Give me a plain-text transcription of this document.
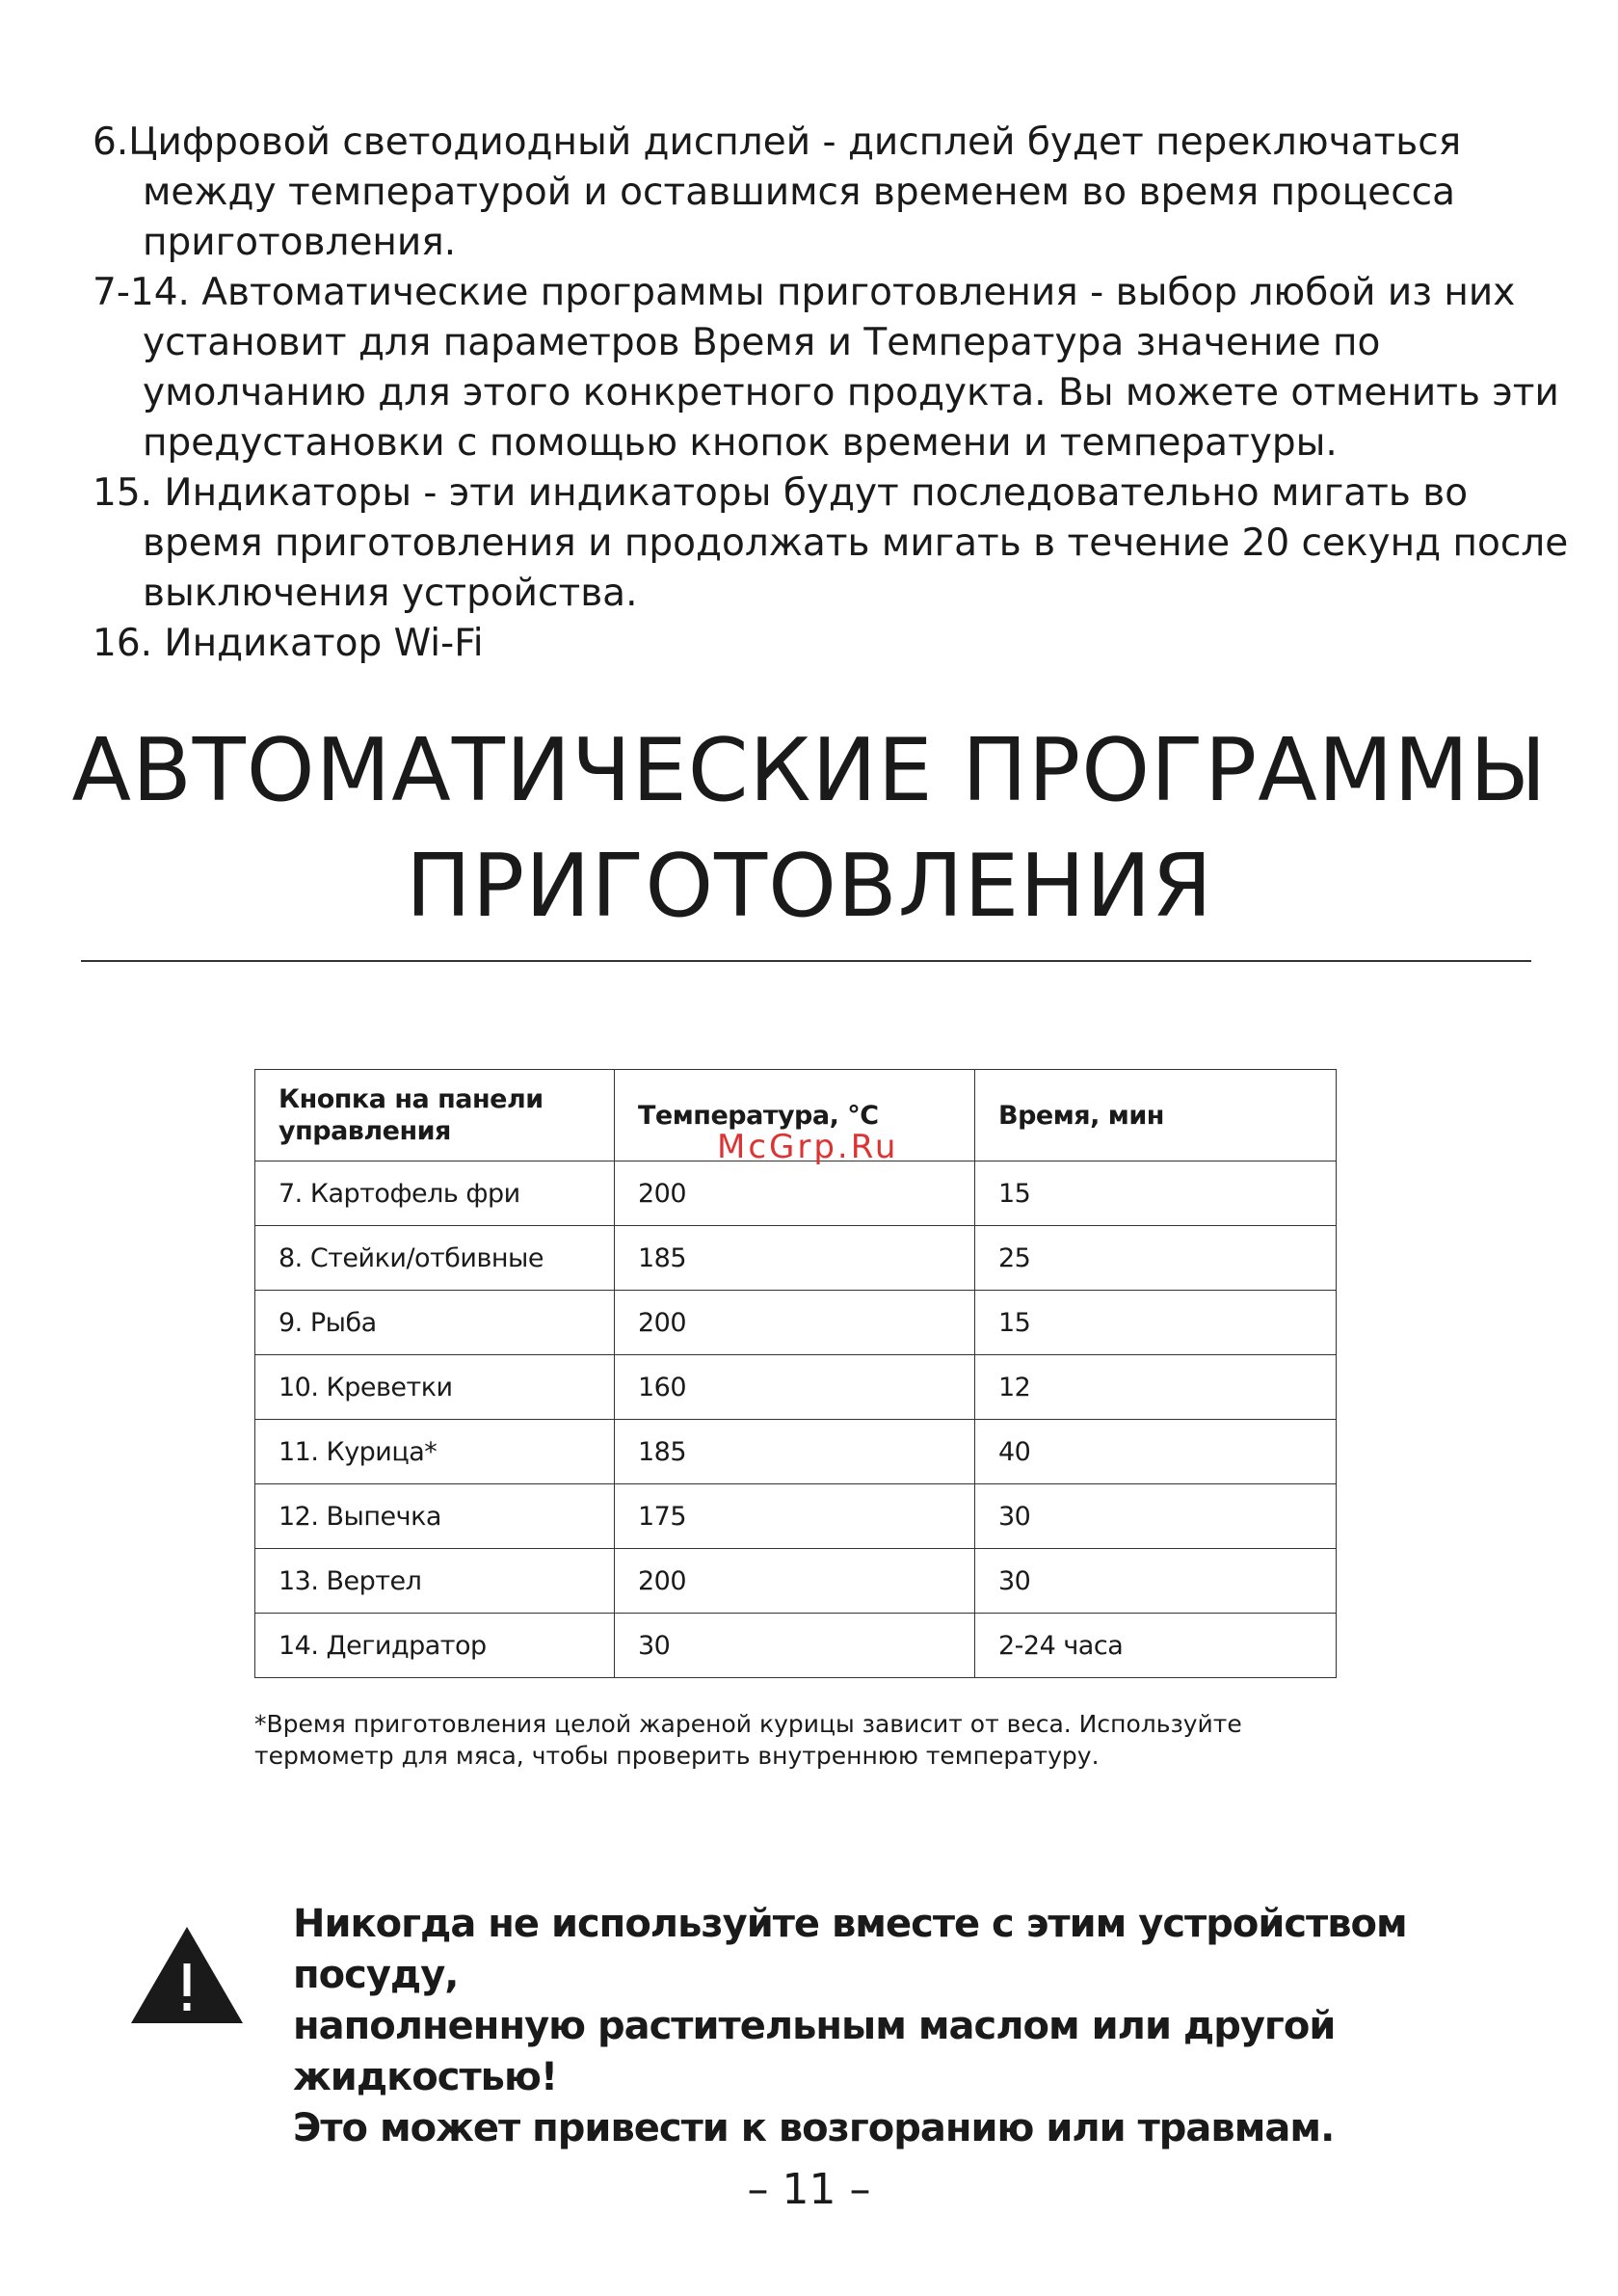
6.Цифровой светодиодный дисплей - дисплей будет переключаться между температурой и оставшимся временем во время процесса приготовления.
7-14. Автоматические программы приготовления - выбор любой из них установит для параметров Время и Температура значение по умолчанию для этого конкретного продукта. Вы можете отменить эти предустановки с помощью кнопок времени и температуры.
15. Индикаторы - эти индикаторы будут последовательно мигать во время приготовления и продолжать мигать в течение 20 секунд после выключения устройства.
16. Индикатор Wi-Fi
АВТОМАТИЧЕСКИЕ ПРОГРАММЫ
ПРИГОТОВЛЕНИЯ
Кнопка на панели управления	Температура, °С	Время, мин
7. Картофель фри	200	15
8. Стейки/отбивные	185	25
9. Рыба	200	15
10. Креветки	160	12
11. Курица*	185	40
12. Выпечка	175	30
13. Вертел	200	30
14. Дегидратор	30	2-24 часа
McGrp.Ru
*Время приготовления целой жареной курицы зависит от веса. Используйте термометр для мяса, чтобы проверить внутреннюю температуру.
Никогда не используйте вместе с этим устройством посуду,
наполненную растительным маслом или другой жидкостью!
Это может привести к возгоранию или травмам.
– 11 –
